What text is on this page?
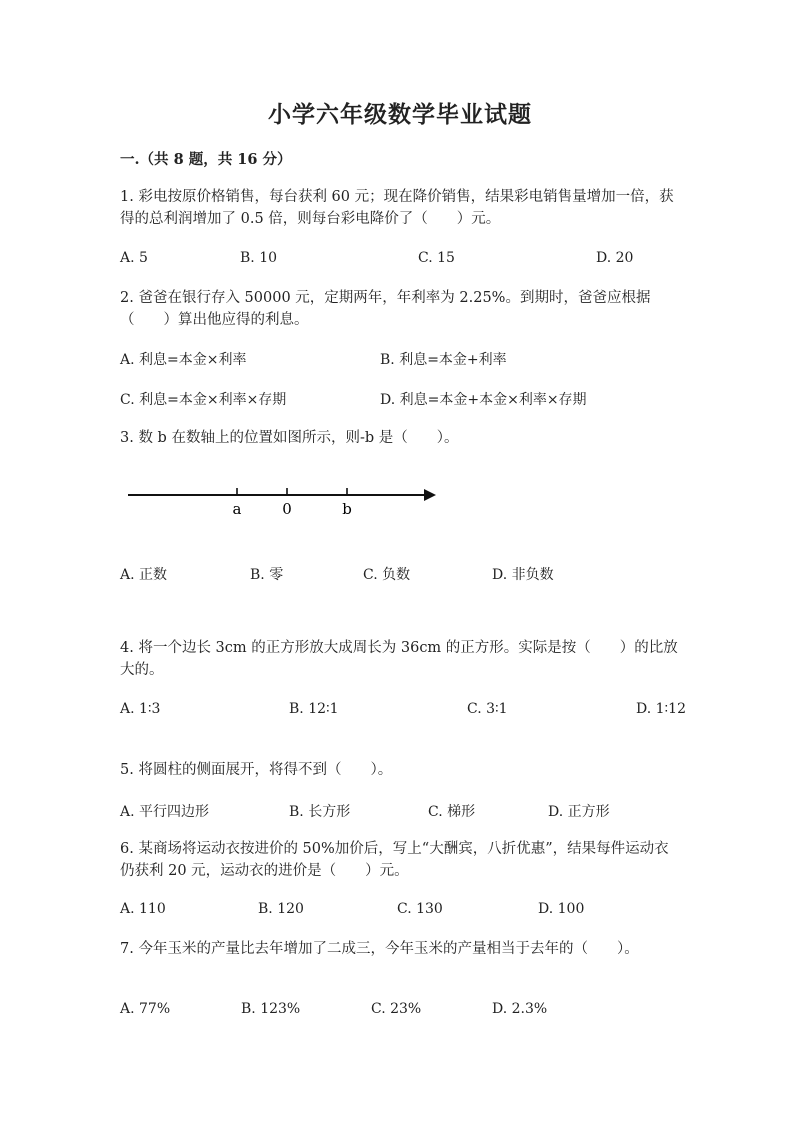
小学六年级数学毕业试题
一.（共 8 题，共 16 分）
1. 彩电按原价格销售，每台获利 60 元；现在降价销售，结果彩电销售量增加一倍，获得的总利润增加了 0.5 倍，则每台彩电降价了（　　）元。
A. 5	B. 10	C. 15	D. 20
2. 爸爸在银行存入 50000 元，定期两年，年利率为 2.25%。到期时，爸爸应根据（　　）算出他应得的利息。
A. 利息=本金×利率	B. 利息=本金+利率
C. 利息=本金×利率×存期	D. 利息=本金+本金×利率×存期
3. 数 b 在数轴上的位置如图所示，则-b 是（　　）。
a	0	b
A. 正数	B. 零	C. 负数	D. 非负数
4. 将一个边长 3cm 的正方形放大成周长为 36cm 的正方形。实际是按（　　）的比放大的。
A. 1∶3	B. 12∶1	C. 3∶1	D. 1∶12
5. 将圆柱的侧面展开，将得不到（　　）。
A. 平行四边形	B. 长方形	C. 梯形	D. 正方形
6. 某商场将运动衣按进价的 50%加价后，写上“大酬宾，八折优惠”，结果每件运动衣仍获利 20 元，运动衣的进价是（　　）元。
A. 110	B. 120	C. 130	D. 100
7. 今年玉米的产量比去年增加了二成三，今年玉米的产量相当于去年的（　　）。
A. 77%	B. 123%	C. 23%	D. 2.3%
